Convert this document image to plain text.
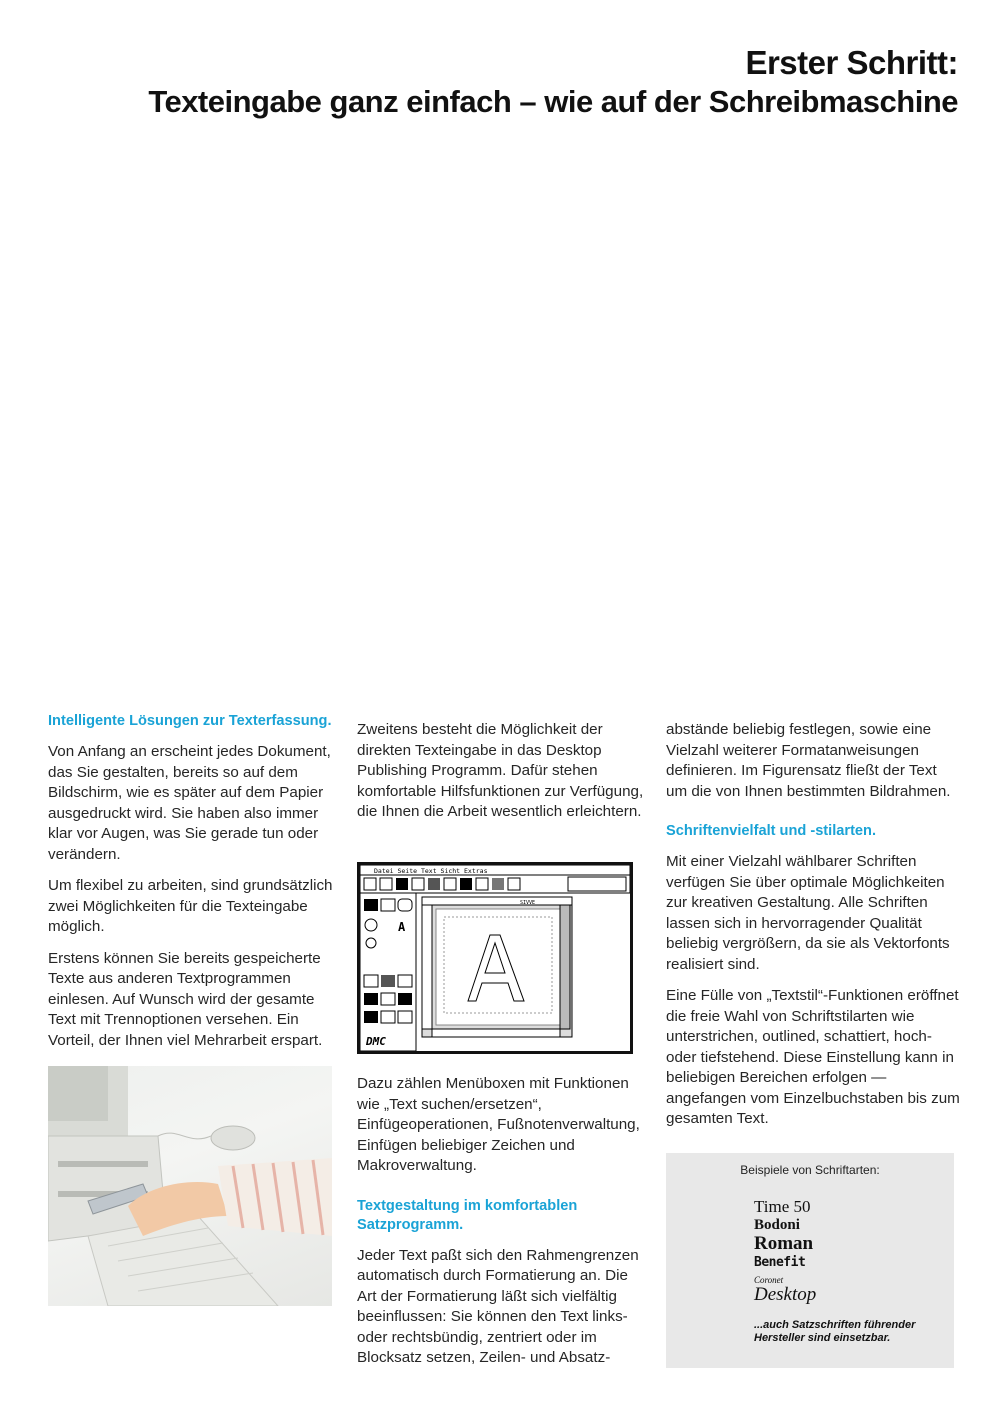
Erster Schritt:
Texteingabe ganz einfach – wie auf der Schreibmaschine

Intelligente Lösungen zur Texterfassung.

Von Anfang an erscheint jedes Dokument, das Sie gestalten, bereits so auf dem Bildschirm, wie es später auf dem Papier ausgedruckt wird. Sie haben also immer klar vor Augen, was Sie gerade tun oder verändern.

Um flexibel zu arbeiten, sind grundsätzlich zwei Möglichkeiten für die Texteingabe möglich.

Erstens können Sie bereits gespeicherte Texte aus anderen Textprogrammen einlesen. Auf Wunsch wird der gesamte Text mit Trennoptionen versehen. Ein Vorteil, der Ihnen viel Mehrarbeit erspart.

Zweitens besteht die Möglichkeit der direkten Texteingabe in das Desktop Publishing Programm. Dafür stehen komfortable Hilfsfunktionen zur Verfügung, die Ihnen die Arbeit wesentlich erleichtern.

Datei Seite Text Sicht Extras
A
DMC
SIVVE

Dazu zählen Menüboxen mit Funktionen wie „Text suchen/ersetzen“, Einfügeoperationen, Fußnotenverwaltung, Einfügen beliebiger Zeichen und Makroverwaltung.

Textgestaltung im komfortablen Satzprogramm.

Jeder Text paßt sich den Rahmengrenzen automatisch durch Formatierung an. Die Art der Formatierung läßt sich vielfältig beeinflussen: Sie können den Text links- oder rechtsbündig, zentriert oder im Blocksatz setzen, Zeilen- und Absatz-

abstände beliebig festlegen, sowie eine Vielzahl weiterer Formatanweisungen definieren. Im Figurensatz fließt der Text um die von Ihnen bestimmten Bildrahmen.

Schriftenvielfalt und -stilarten.

Mit einer Vielzahl wählbarer Schriften verfügen Sie über optimale Möglichkeiten zur kreativen Gestaltung. Alle Schriften lassen sich in hervorragender Qualität beliebig vergrößern, da sie als Vektorfonts realisiert sind.

Eine Fülle von „Textstil“-Funktionen eröffnet die freie Wahl von Schriftstilarten wie unterstrichen, outlined, schattiert, hoch- oder tiefstehend. Diese Einstellung kann in beliebigen Bereichen erfolgen — angefangen vom Einzelbuchstaben bis zum gesamten Text.

Beispiele von Schriftarten:
Time 50
Bodoni
Roman
Benefit
Coronet
Desktop
...auch Satzschriften führender Hersteller sind einsetzbar.
